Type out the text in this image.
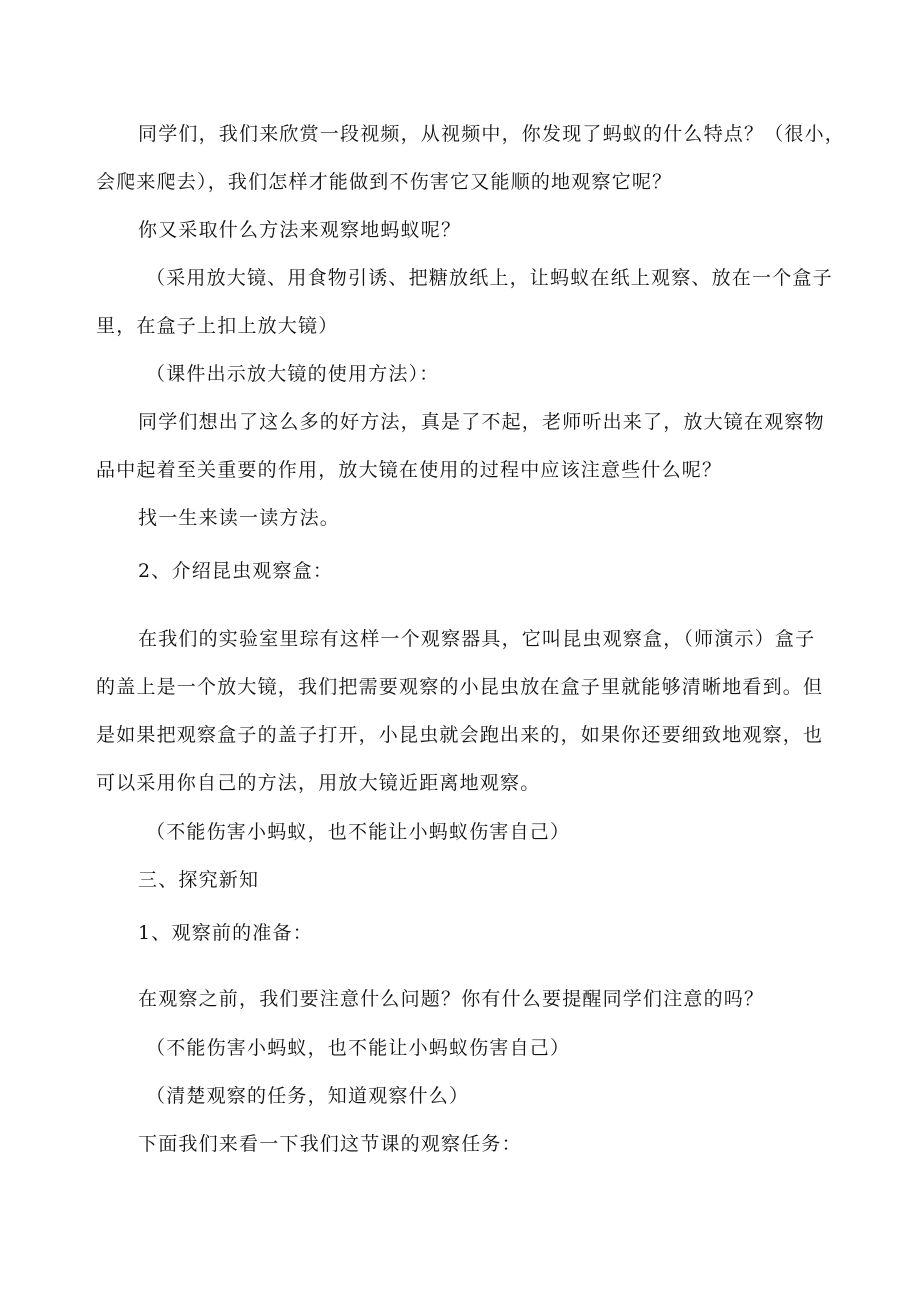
同学们，我们来欣赏一段视频，从视频中，你发现了蚂蚁的什么特点？（很小，
会爬来爬去），我们怎样才能做到不伤害它又能顺的地观察它呢？
你又采取什么方法来观察地蚂蚁呢？
（采用放大镜、用食物引诱、把糖放纸上，让蚂蚁在纸上观察、放在一个盒子
里，在盒子上扣上放大镜）
（课件出示放大镜的使用方法）：
同学们想出了这么多的好方法，真是了不起，老师听出来了，放大镜在观察物
品中起着至关重要的作用，放大镜在使用的过程中应该注意些什么呢？
找一生来读一读方法。
2、介绍昆虫观察盒：
在我们的实验室里琮有这样一个观察器具，它叫昆虫观察盒，（师演示）盒子
的盖上是一个放大镜，我们把需要观察的小昆虫放在盒子里就能够清晰地看到。但
是如果把观察盒子的盖子打开，小昆虫就会跑出来的，如果你还要细致地观察，也
可以采用你自己的方法，用放大镜近距离地观察。
（不能伤害小蚂蚁，也不能让小蚂蚁伤害自己）
三、探究新知
1、观察前的准备：
在观察之前，我们要注意什么问题？你有什么要提醒同学们注意的吗？
（不能伤害小蚂蚁，也不能让小蚂蚁伤害自己）
（清楚观察的任务，知道观察什么）
下面我们来看一下我们这节课的观察任务：
